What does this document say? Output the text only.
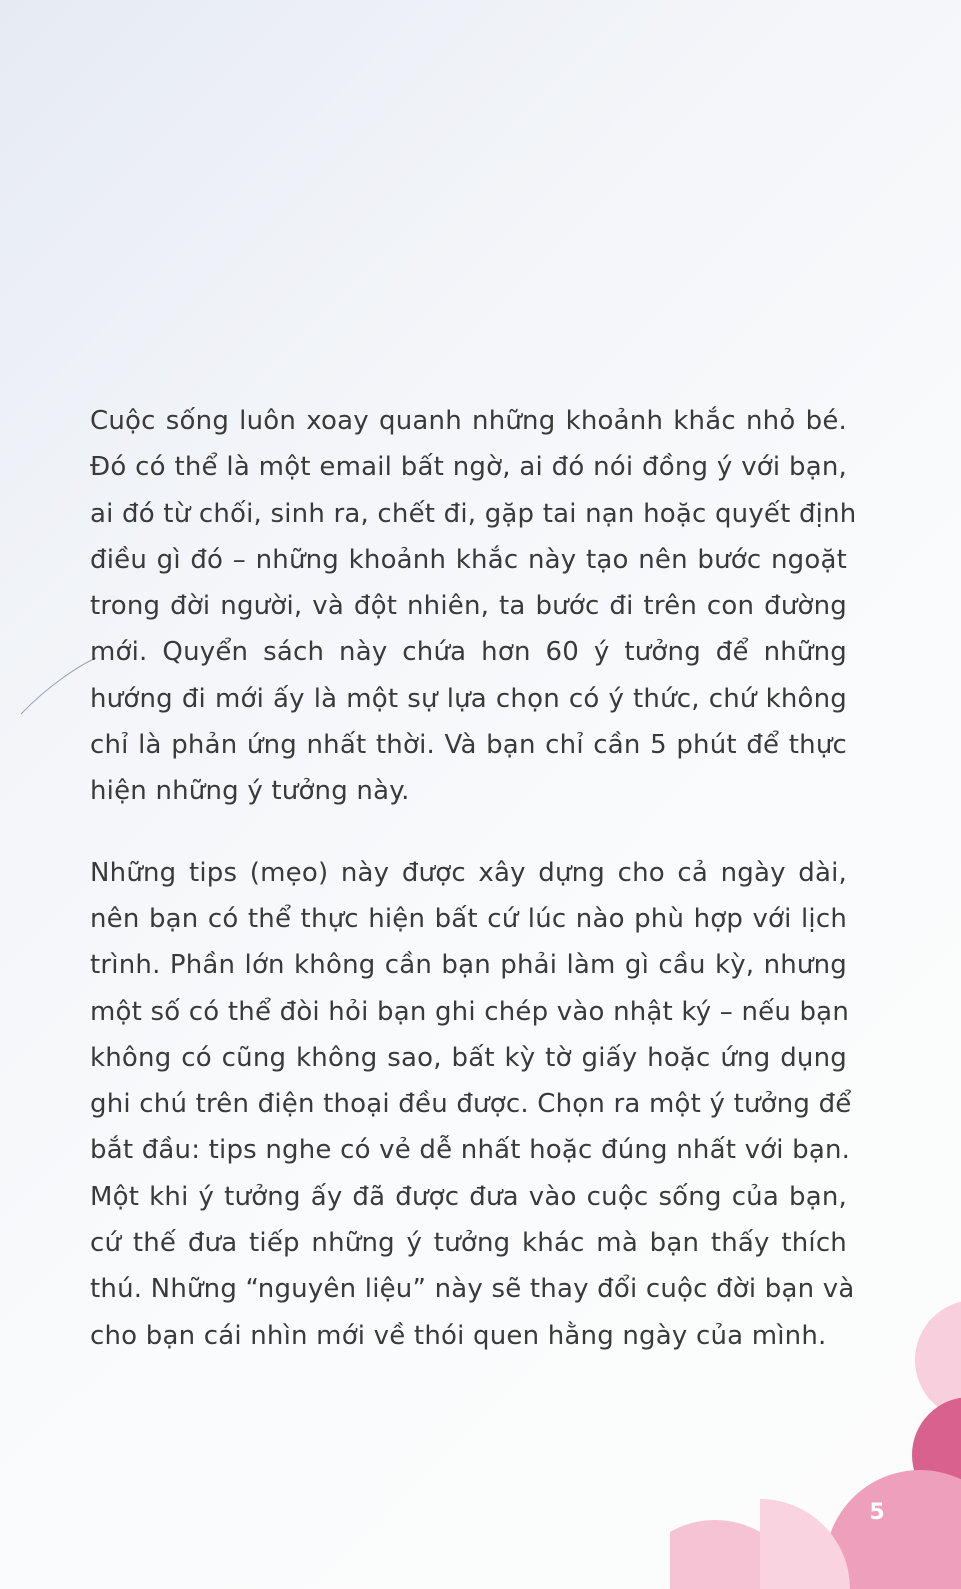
Cuộc sống luôn xoay quanh những khoảnh khắc nhỏ bé.
Đó có thể là một email bất ngờ, ai đó nói đồng ý với bạn,
ai đó từ chối, sinh ra, chết đi, gặp tai nạn hoặc quyết định
điều gì đó – những khoảnh khắc này tạo nên bước ngoặt
trong đời người, và đột nhiên, ta bước đi trên con đường
mới. Quyển sách này chứa hơn 60 ý tưởng để những
hướng đi mới ấy là một sự lựa chọn có ý thức, chứ không
chỉ là phản ứng nhất thời. Và bạn chỉ cần 5 phút để thực
hiện những ý tưởng này.

Những tips (mẹo) này được xây dựng cho cả ngày dài,
nên bạn có thể thực hiện bất cứ lúc nào phù hợp với lịch
trình. Phần lớn không cần bạn phải làm gì cầu kỳ, nhưng
một số có thể đòi hỏi bạn ghi chép vào nhật ký – nếu bạn
không có cũng không sao, bất kỳ tờ giấy hoặc ứng dụng
ghi chú trên điện thoại đều được. Chọn ra một ý tưởng để
bắt đầu: tips nghe có vẻ dễ nhất hoặc đúng nhất với bạn.
Một khi ý tưởng ấy đã được đưa vào cuộc sống của bạn,
cứ thế đưa tiếp những ý tưởng khác mà bạn thấy thích
thú. Những “nguyên liệu” này sẽ thay đổi cuộc đời bạn và
cho bạn cái nhìn mới về thói quen hằng ngày của mình.

5
